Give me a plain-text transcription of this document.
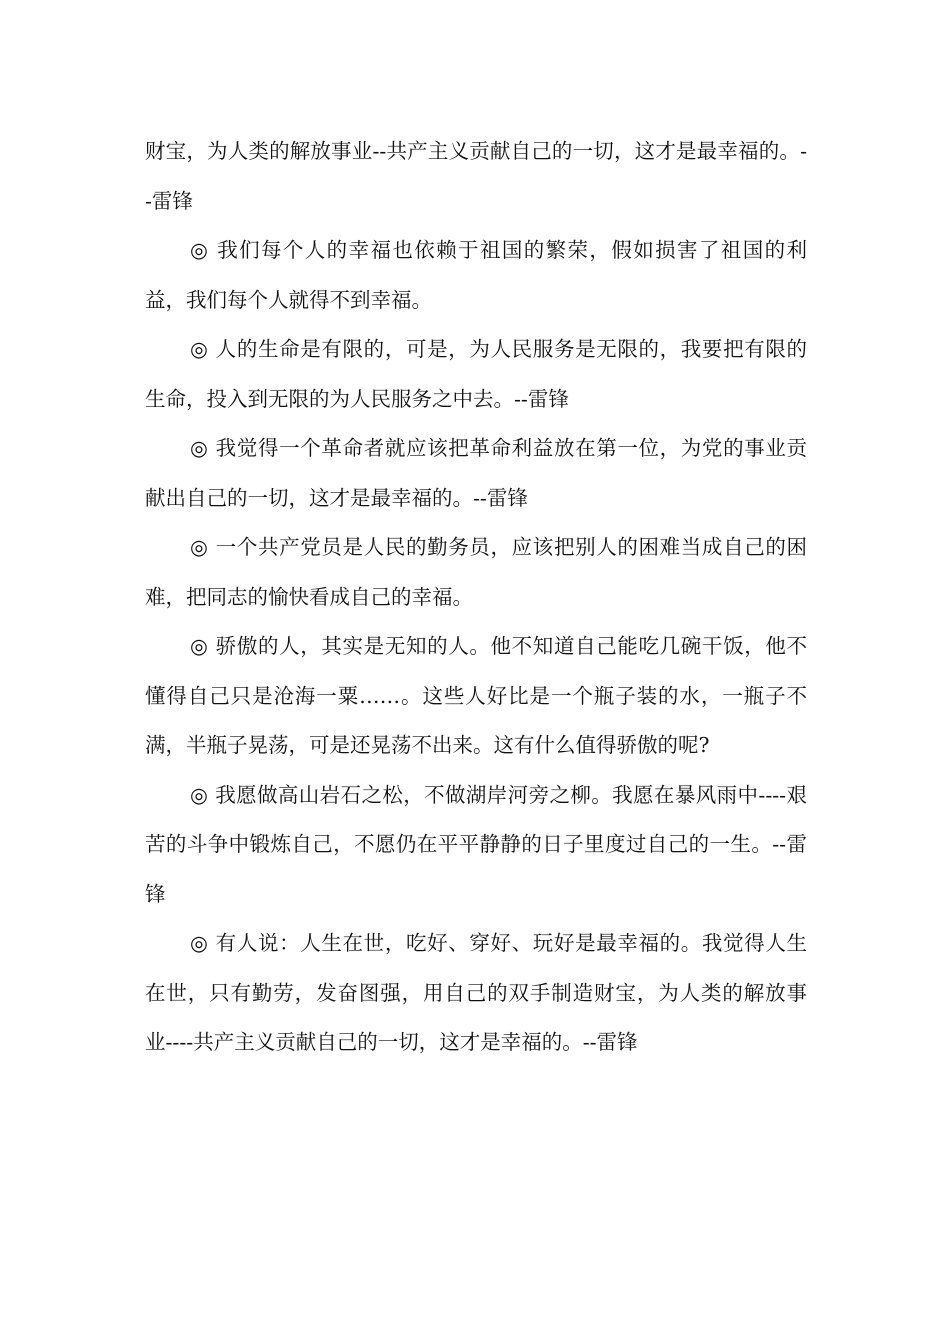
财宝，为人类的解放事业--共产主义贡献自己的一切，这才是最幸福的。--雷锋

◎ 我们每个人的幸福也依赖于祖国的繁荣，假如损害了祖国的利益，我们每个人就得不到幸福。

◎ 人的生命是有限的，可是，为人民服务是无限的，我要把有限的生命，投入到无限的为人民服务之中去。--雷锋

◎ 我觉得一个革命者就应该把革命利益放在第一位，为党的事业贡献出自己的一切，这才是最幸福的。--雷锋

◎ 一个共产党员是人民的勤务员，应该把别人的困难当成自己的困难，把同志的愉快看成自己的幸福。

◎ 骄傲的人，其实是无知的人。他不知道自己能吃几碗干饭，他不懂得自己只是沧海一粟……。这些人好比是一个瓶子装的水，一瓶子不满，半瓶子晃荡，可是还晃荡不出来。这有什么值得骄傲的呢?

◎ 我愿做高山岩石之松，不做湖岸河旁之柳。我愿在暴风雨中----艰苦的斗争中锻炼自己，不愿仍在平平静静的日子里度过自己的一生。--雷锋

◎ 有人说：人生在世，吃好、穿好、玩好是最幸福的。我觉得人生在世，只有勤劳，发奋图强，用自己的双手制造财宝，为人类的解放事业----共产主义贡献自己的一切，这才是幸福的。--雷锋
